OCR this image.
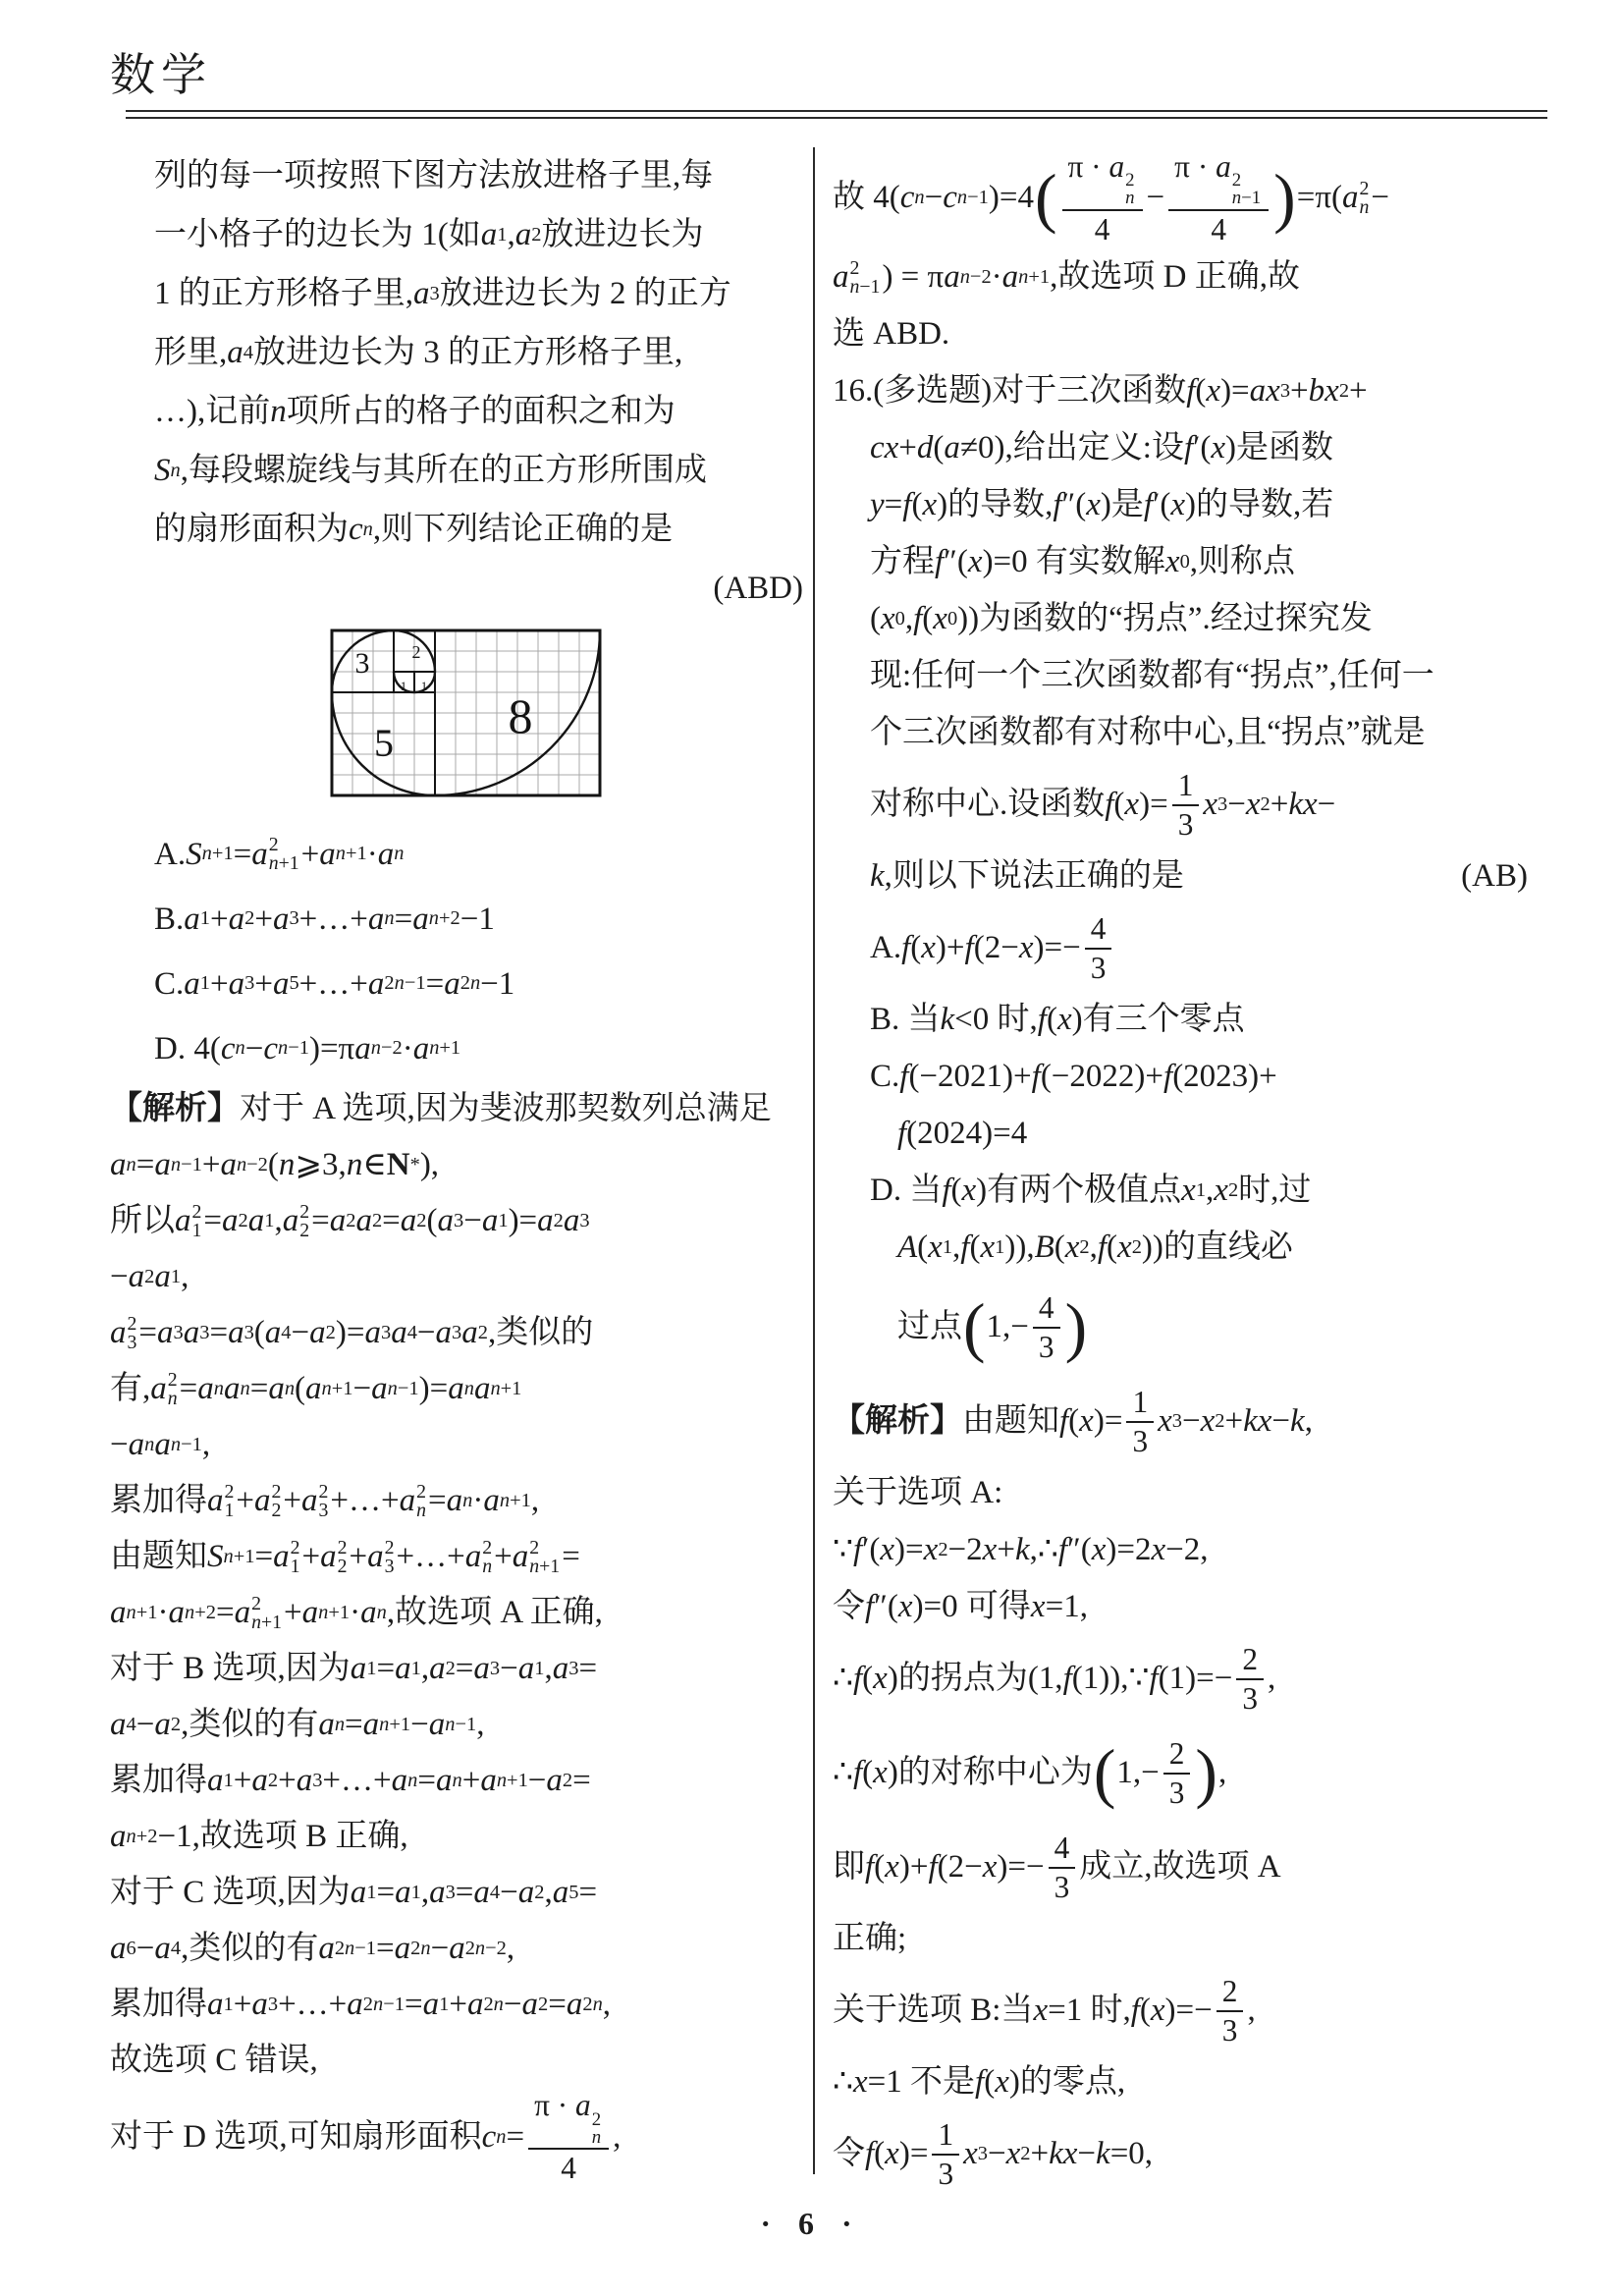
数学
列的每一项按照下图方法放进格子里,每
一小格子的边长为 1(如 a 1 , a 2 放进边长为
1 的正方形格子里, a 3 放进边长为 2 的正方
形里, a 4 放进边长为 3 的正方形格子里,
…),记前 n 项所占的格子的面积之和为
S n ,每段螺旋线与其所在的正方形所围成
的扇形面积为 c n ,则下列结论正确的是
(ABD)
3 2
1 1
5 8
A. S n+1 = a 2
n+1 + a n+1 · a n
B. a 1 + a 2 + a 3 +…+ a n = a n+2 −1
C. a 1 + a 3 + a 5 +…+ a 2n−1 = a 2n −1
D. 4( c n − c n−1 )=π a n−2 · a n+1
【解析】 对于 A 选项,因为斐波那契数列总满足
a n = a n−1 + a n−2 ( n ⩾3, n ∈ N * ),
所以 a 2
1 = a 2 a 1 , a 2
2 = a 2 a 2 = a 2 ( a 3 − a 1 )= a 2 a 3
− a 2 a 1 ,
a 2
3 = a 3 a 3 = a 3 ( a 4 − a 2 )= a 3 a 4 − a 3 a 2 ,类似的
有, a 2
n = a n a n = a n ( a n+1 − a n−1 )= a n a n+1
− a n a n−1 ,
累加得 a 2
1 + a 2
2 + a 2
3 +…+ a 2
n = a n · a n+1 ,
由题知 S n+1 = a 2
1 + a 2
2 + a 2
3 +…+ a 2
n + a 2
n+1 =
a n+1 · a n+2 = a 2
n+1 + a n+1 · a n ,故选项 A 正确,
对于 B 选项,因为 a 1 = a 1 , a 2 = a 3 − a 1 , a 3 =
a 4 − a 2 ,类似的有 a n = a n+1 − a n−1 ,
累加得 a 1 + a 2 + a 3 +…+ a n = a n + a n+1 − a 2 =
a n+2 −1,故选项 B 正确,
对于 C 选项,因为 a 1 = a 1 , a 3 = a 4 − a 2 , a 5 =
a 6 − a 4 ,类似的有 a 2n−1 = a 2n − a 2n−2 ,
累加得 a 1 + a 3 +…+ a 2n−1 = a 1 + a 2n − a 2 = a 2n ,
故选项 C 错误,
对于 D 选项,可知扇形面积 c n =
π · a 2
n
4
,
故 4( c n − c n−1 )=4 ( π · a 2
n
4
−
π · a 2
n−1
4 ) =π( a 2
n −
a 2
n−1 ) = π a n−2 · a n+1 ,故选项 D 正确,故
选 ABD.
16.(多选题)对于三次函数 f ( x )= ax 3 + bx 2 +
cx + d ( a ≠0),给出定义:设 f ′( x )是函数
y = f ( x )的导数, f ″( x )是 f ′( x )的导数,若
方程 f ″( x )=0 有实数解 x 0 ,则称点
( x 0 , f ( x 0 ))为函数的“拐点”.经过探究发
现:任何一个三次函数都有“拐点”,任何一
个三次函数都有对称中心,且“拐点”就是
对称中心.设函数 f ( x )=
1
3
x 3 − x 2 + kx −
k ,则以下说法正确的是	(AB)
A. f ( x )+ f (2− x )=−
4
3
B. 当 k <0 时, f ( x )有三个零点
C. f (−2021)+ f (−2022)+ f (2023)+
f (2024)=4
D. 当 f ( x )有两个极值点 x 1 , x 2 时,过
A ( x 1 , f ( x 1 )), B ( x 2 , f ( x 2 ))的直线必
过点 ( 1,−
4
3 )
【解析】 由题知 f ( x )=
1
3
x 3 − x 2 + kx − k ,
关于选项 A:
∵ f ′( x )= x 2 −2 x + k ,∴ f ″( x )=2 x −2,
令 f ″( x )=0 可得 x =1,
∴ f ( x )的拐点为(1, f (1)),∵ f (1)=−
2
3
,
∴ f ( x )的对称中心为 ( 1,−
2
3 ) ,
即 f ( x )+ f (2− x )=−
4
3
成立,故选项 A
正确;
关于选项 B:当 x =1 时, f ( x )=−
2
3
,
∴ x =1 不是 f ( x )的零点,
令 f ( x )=
1
3
x 3 − x 2 + kx − k =0,
· 6 ·
